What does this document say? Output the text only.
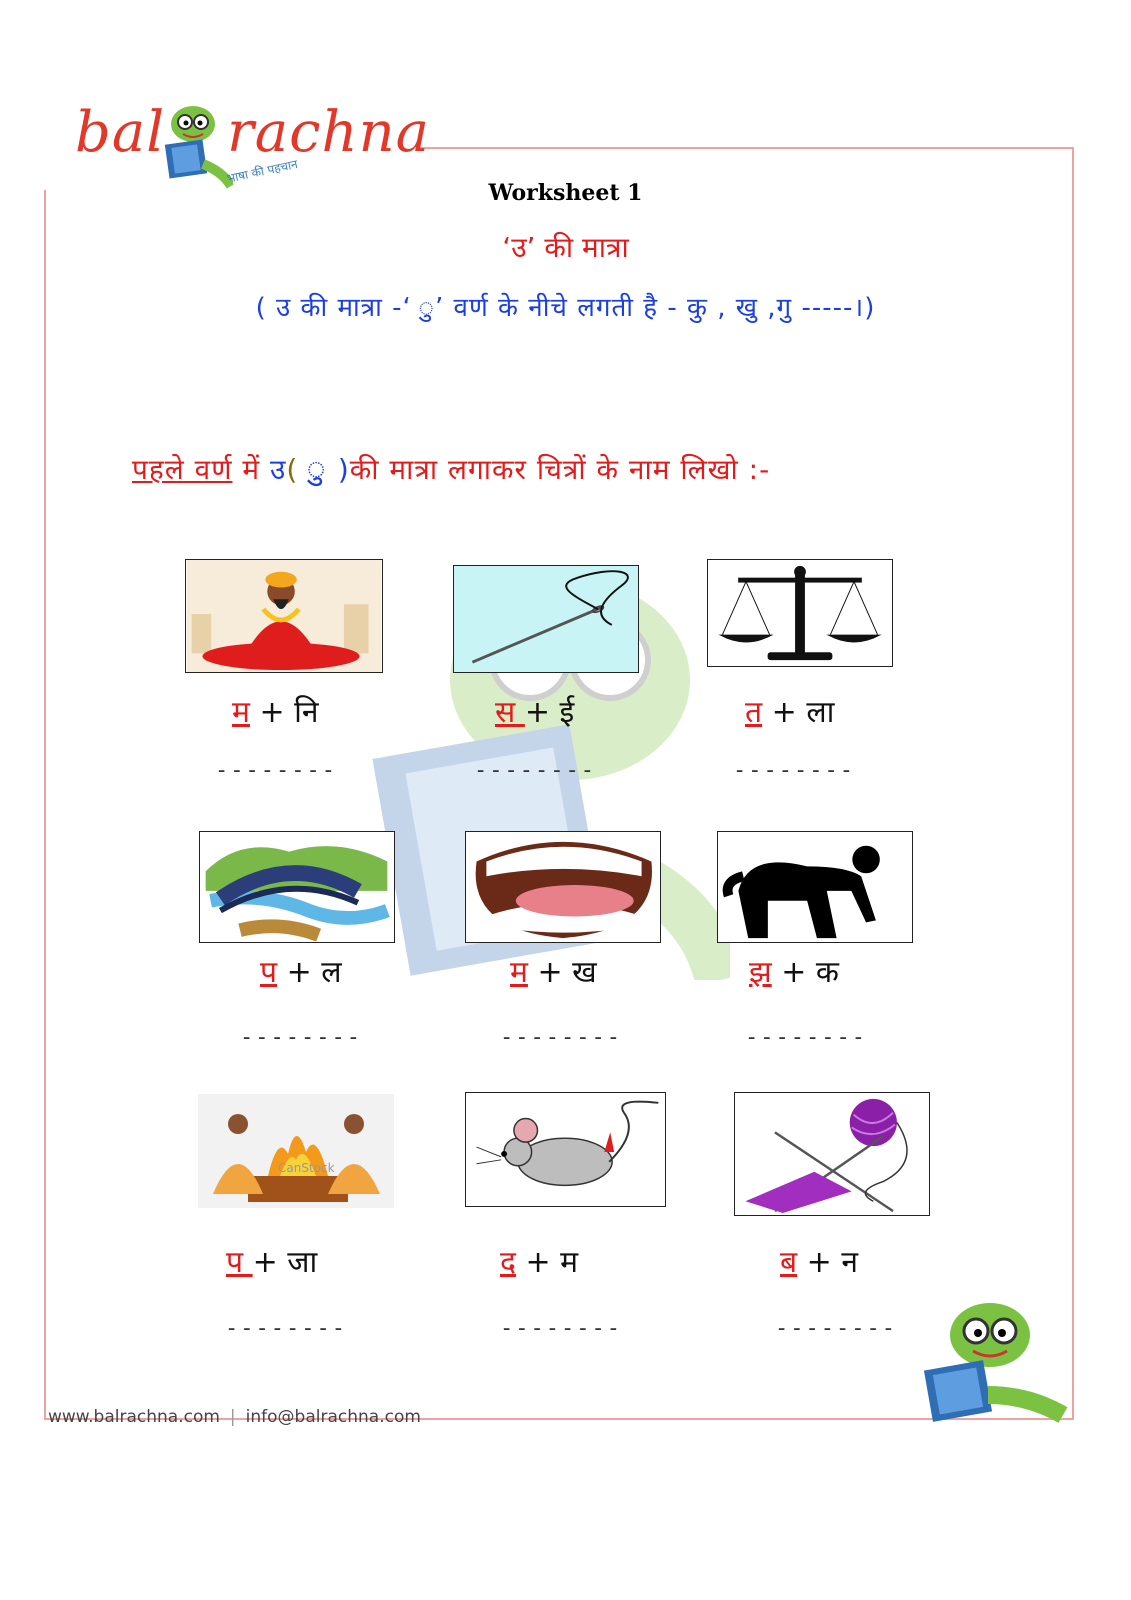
bal rachna
भाषा की पहचान
Worksheet 1
‘उ’ की मात्रा
( उ की मात्रा -‘ ु’ वर्ण के नीचे लगती है - कु , खु ,गु -----।)
पहले वर्ण में उ( ु )की मात्रा लगाकर चित्रों के नाम लिखो :-
म + नि	स + ई	त + ला
--------	--------	--------
प + ल	म + ख	झ + क
--------	--------	--------
CanStock
प + जा	द + म	ब + न
--------	--------	--------
www.balrachna.com | info@balrachna.com
